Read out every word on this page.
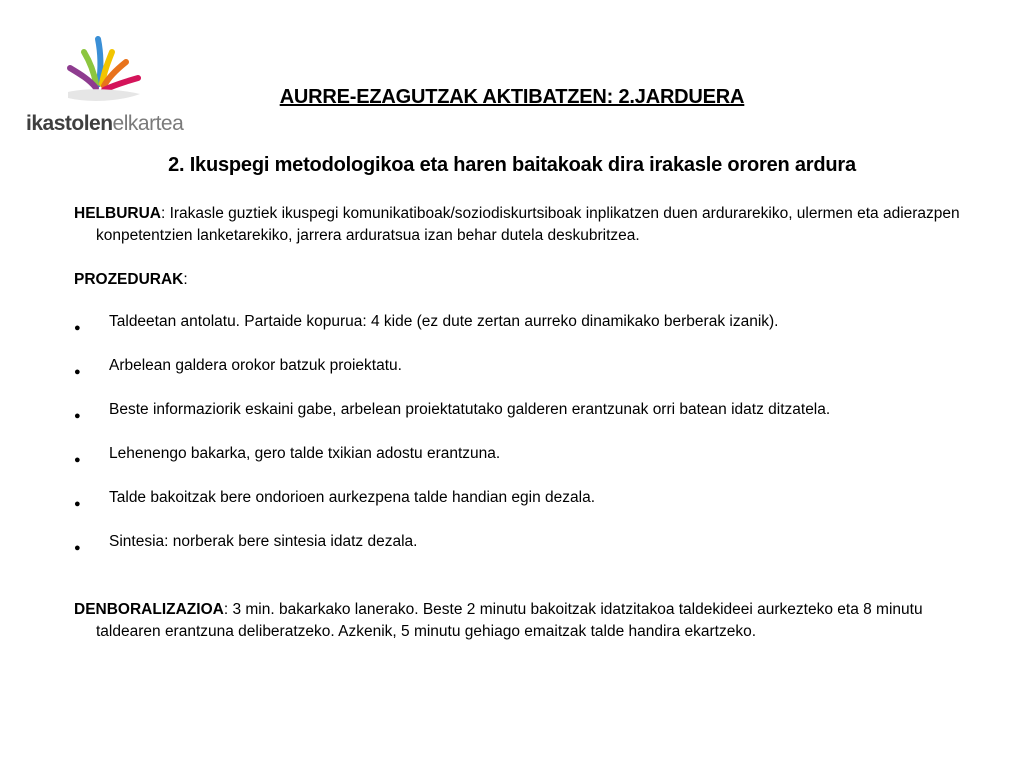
ikastolenelkartea
AURRE-EZAGUTZAK AKTIBATZEN: 2.JARDUERA
2. Ikuspegi metodologikoa eta haren baitakoak dira irakasle ororen ardura
HELBURUA: Irakasle guztiek ikuspegi komunikatiboak/soziodiskurtsiboak inplikatzen duen ardurarekiko, ulermen eta adierazpen konpetentzien lanketarekiko, jarrera arduratsua izan behar dutela deskubritzea.
PROZEDURAK:
● Taldeetan antolatu. Partaide kopurua: 4 kide (ez dute zertan aurreko dinamikako berberak izanik).
● Arbelean galdera orokor batzuk proiektatu.
● Beste informaziorik eskaini gabe, arbelean proiektatutako galderen erantzunak orri batean idatz ditzatela.
● Lehenengo bakarka, gero talde txikian adostu erantzuna.
● Talde bakoitzak bere ondorioen aurkezpena talde handian egin dezala.
● Sintesia: norberak bere sintesia idatz dezala.
DENBORALIZAZIOA: 3 min. bakarkako lanerako. Beste 2 minutu bakoitzak idatzitakoa taldekideei aurkezteko eta 8 minutu taldearen erantzuna deliberatzeko. Azkenik, 5 minutu gehiago emaitzak talde handira ekartzeko.
